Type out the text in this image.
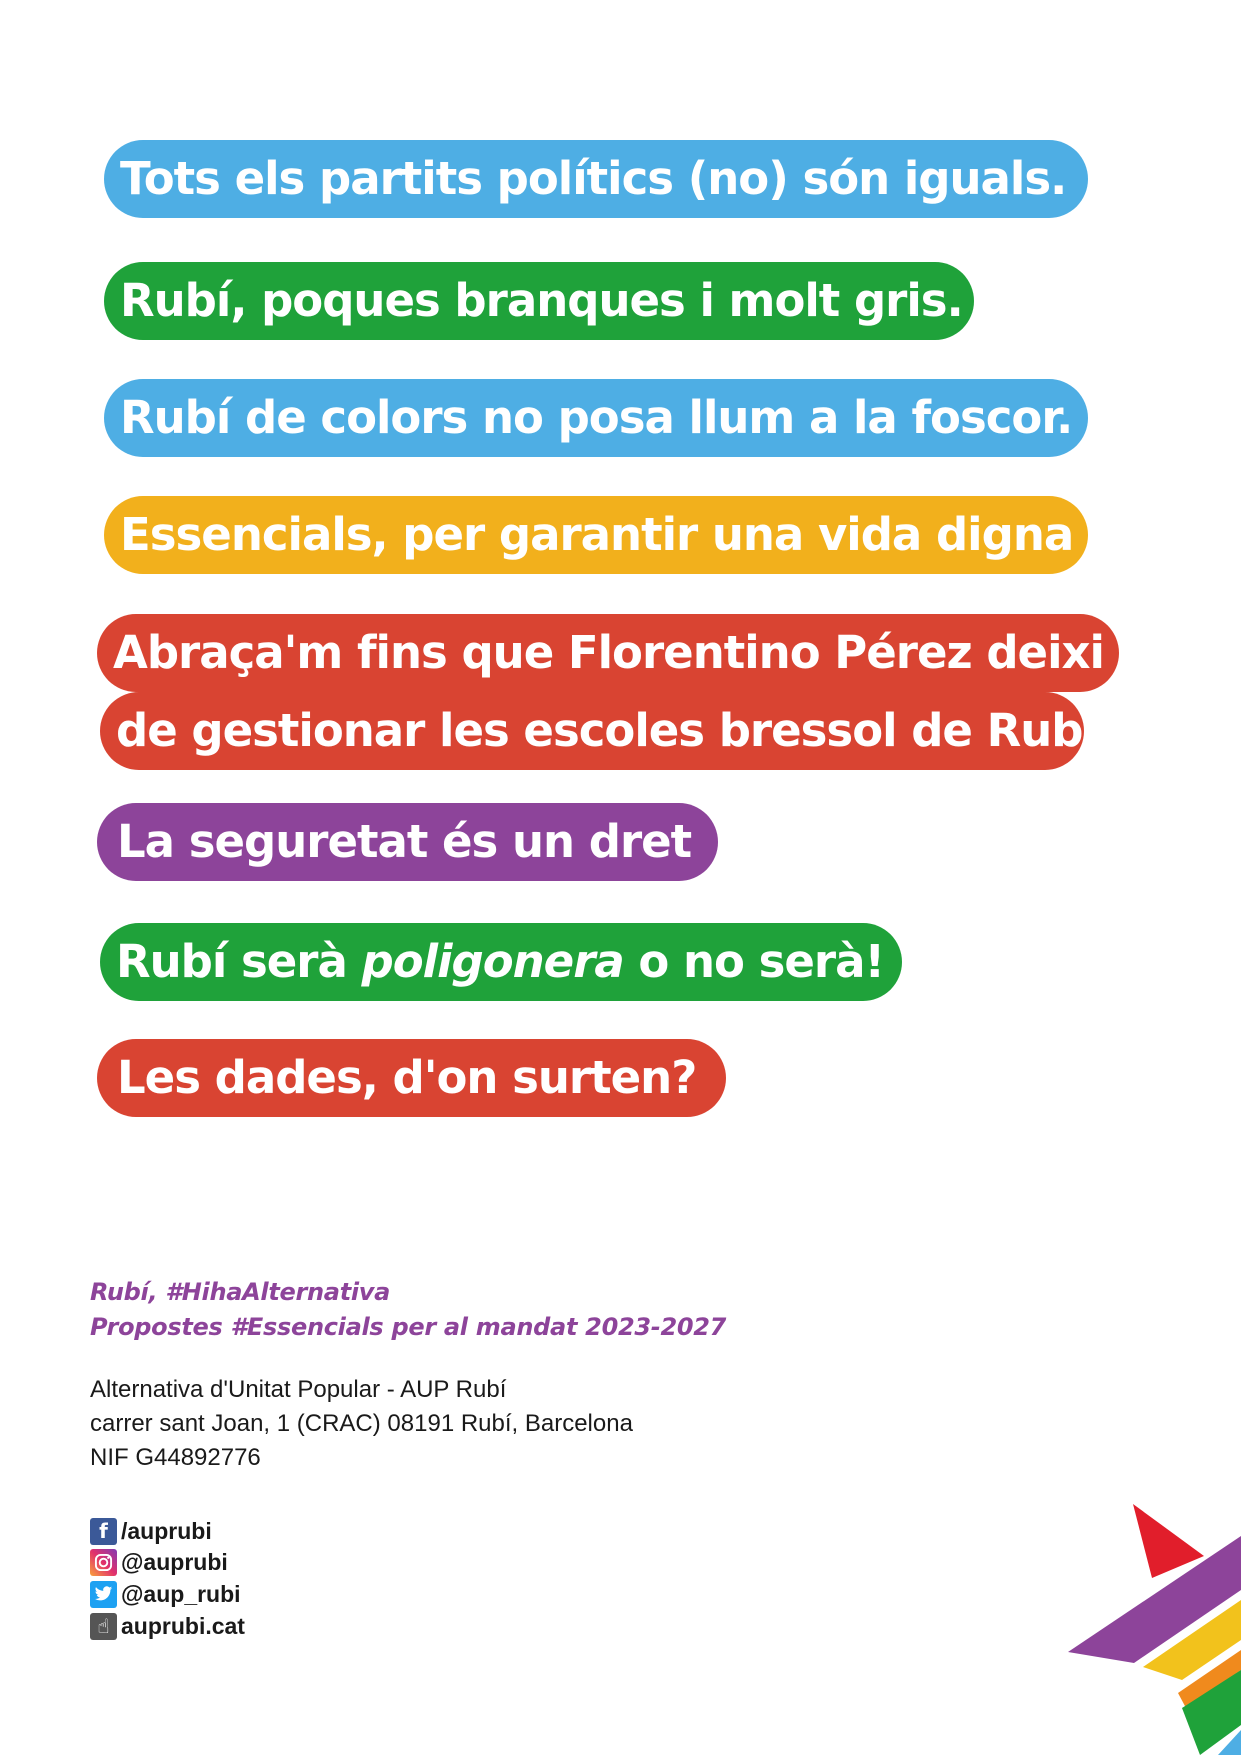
Tots els partits polítics (no) són iguals.
Rubí, poques branques i molt gris.
Rubí de colors no posa llum a la foscor.
Essencials, per garantir una vida digna
Abraça'm fins que Florentino Pérez deixi
de gestionar les escoles bressol de Rubí
La seguretat és un dret
Rubí serà poligonera o no serà!
Les dades, d'on surten?
Rubí, #HihaAlternativa
Propostes #Essencials per al mandat 2023-2027
Alternativa d'Unitat Popular - AUP Rubí
carrer sant Joan, 1 (CRAC) 08191 Rubí, Barcelona
NIF G44892776
f /auprubi
@auprubi
@aup_rubi
☝ auprubi.cat
